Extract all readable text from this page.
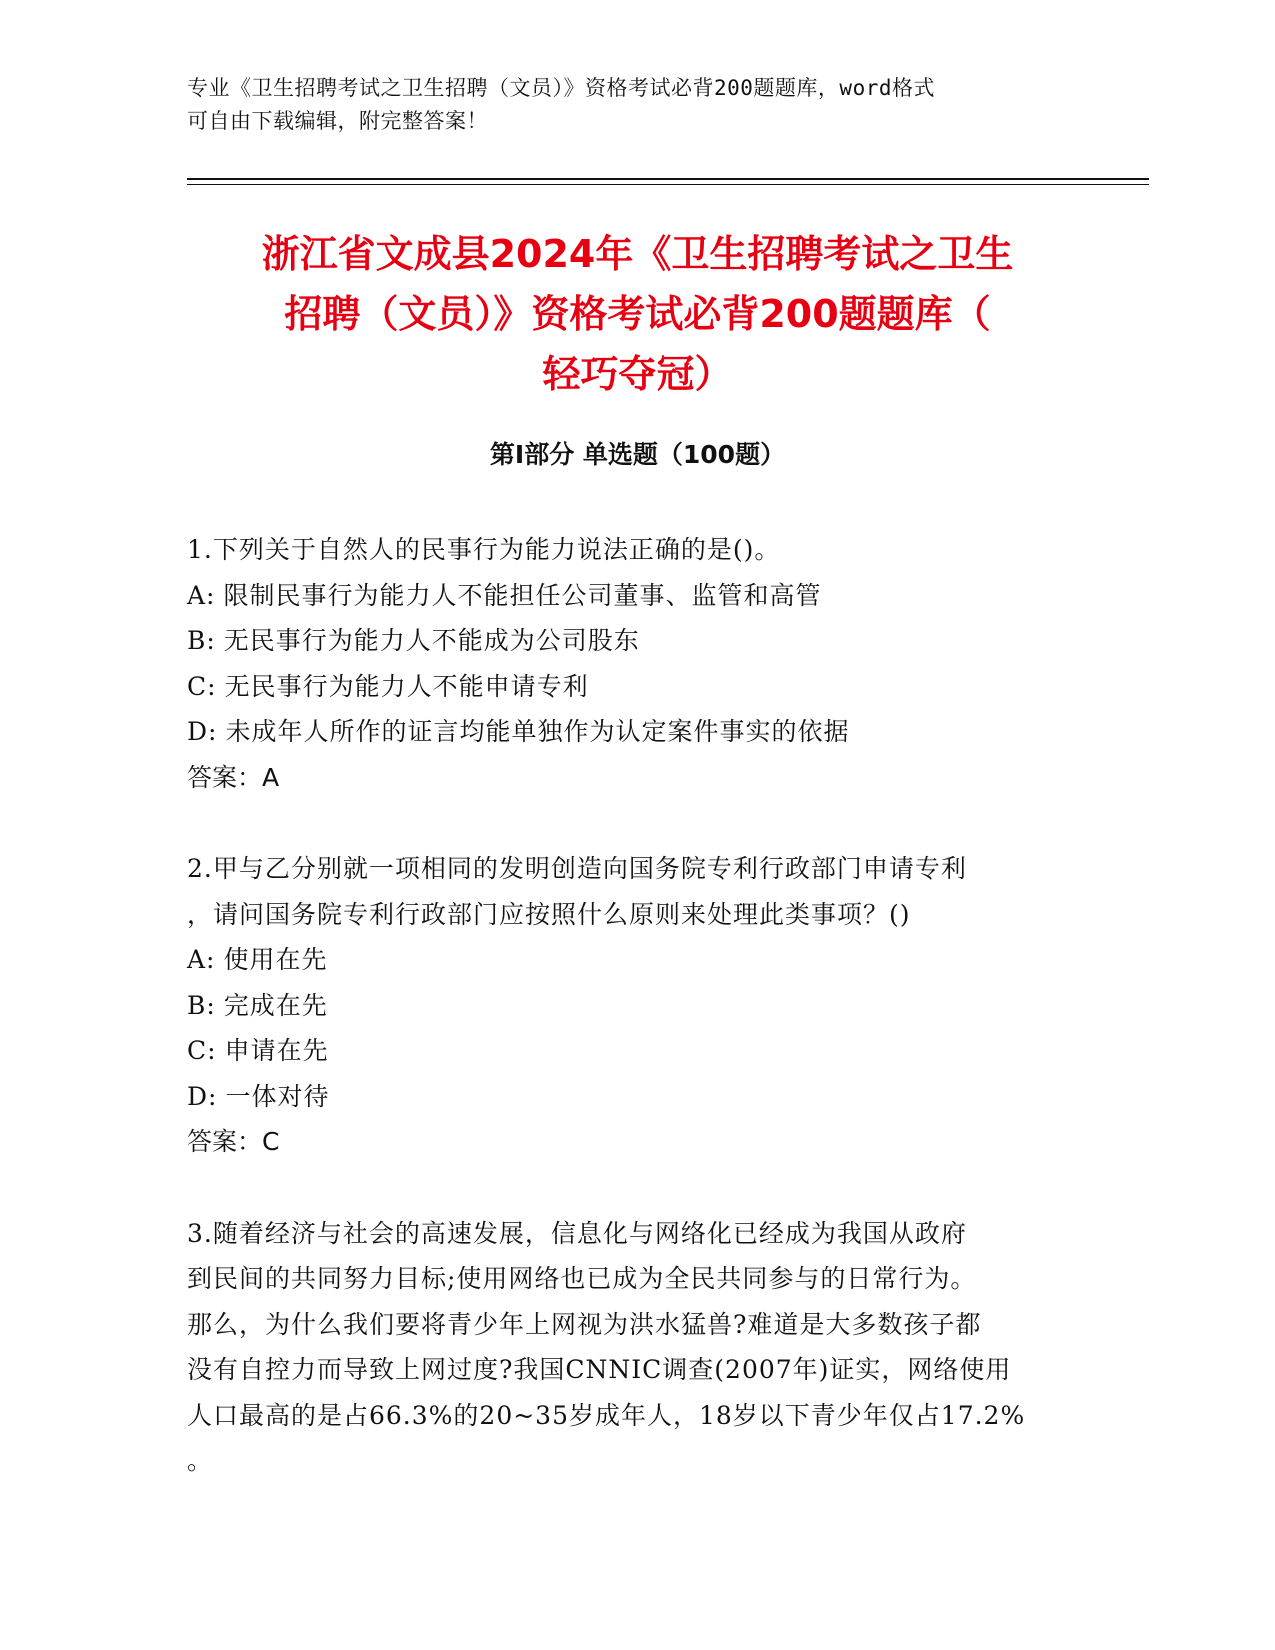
专业《卫生招聘考试之卫生招聘（文员）》资格考试必背200题题库，word格式
可自由下载编辑，附完整答案！
浙江省文成县2024年《卫生招聘考试之卫生
招聘（文员）》资格考试必背200题题库（
轻巧夺冠）
第Ⅰ部分 单选题（100题）
1.下列关于自然人的民事行为能力说法正确的是()。
A: 限制民事行为能力人不能担任公司董事、监管和高管
B: 无民事行为能力人不能成为公司股东
C: 无民事行为能力人不能申请专利
D: 未成年人所作的证言均能单独作为认定案件事实的依据
答案：A
2.甲与乙分别就一项相同的发明创造向国务院专利行政部门申请专利
，请问国务院专利行政部门应按照什么原则来处理此类事项？()
A: 使用在先
B: 完成在先
C: 申请在先
D: 一体对待
答案：C
3.随着经济与社会的高速发展，信息化与网络化已经成为我国从政府
到民间的共同努力目标;使用网络也已成为全民共同参与的日常行为。
那么，为什么我们要将青少年上网视为洪水猛兽?难道是大多数孩子都
没有自控力而导致上网过度?我国CNNIC调查(2007年)证实，网络使用
人口最高的是占66.3%的20~35岁成年人，18岁以下青少年仅占17.2%
。
